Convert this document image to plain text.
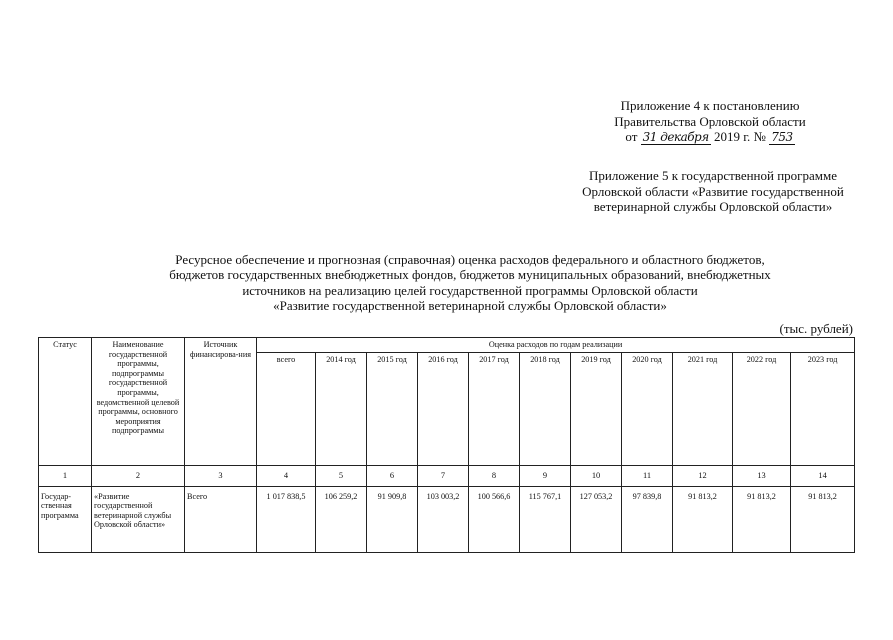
Приложение 4 к постановлению
Правительства Орловской области
от 31 декабря 2019 г. № 753
Приложение 5 к государственной программе
Орловской области «Развитие государственной
ветеринарной службы Орловской области»
Ресурсное обеспечение и прогнозная (справочная) оценка расходов федерального и областного бюджетов,
бюджетов государственных внебюджетных фондов, бюджетов муниципальных образований, внебюджетных
источников на реализацию целей государственной программы Орловской области
«Развитие государственной ветеринарной службы Орловской области»
(тыс. рублей)
Статус	Наименование государственной программы, подпрограммы государственной программы, ведомственной целевой программы, основного мероприятия подпрограммы	Источник финансирова-ния	Оценка расходов по годам реализации										
			всего	2014 год	2015 год	2016 год	2017 год	2018 год	2019 год	2020 год	2021 год	2022 год	2023 год
1	2	3	4	5	6	7	8	9	10	11	12	13	14
Государ-ственная программа	«Развитие государственной ветеринарной службы Орловской области»	Всего	1 017 838,5	106 259,2	91 909,8	103 003,2	100 566,6	115 767,1	127 053,2	97 839,8	91 813,2	91 813,2	91 813,2
